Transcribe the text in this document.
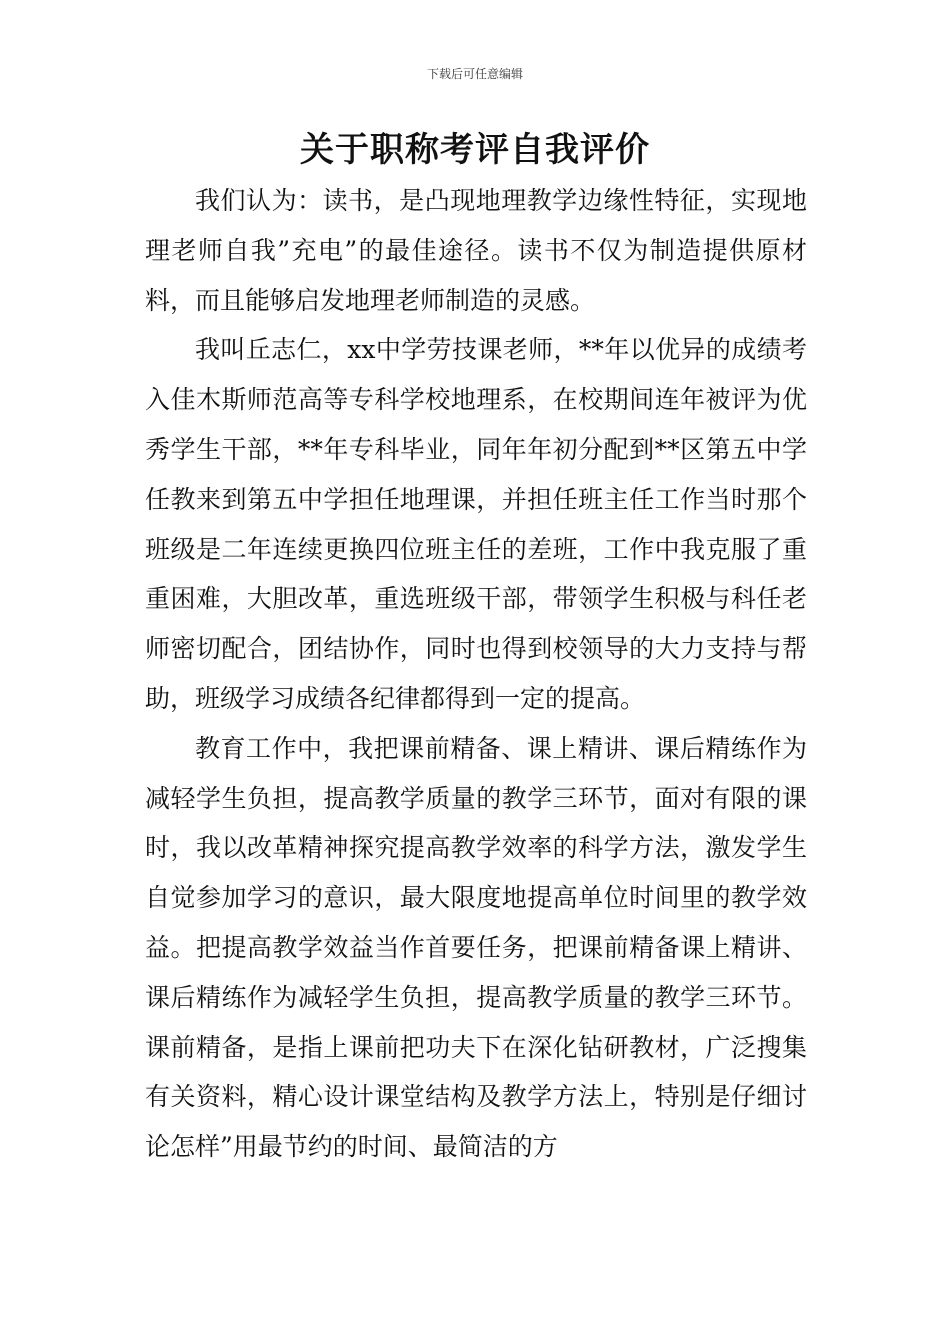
下载后可任意编辑
关于职称考评自我评价

我们认为：读书，是凸现地理教学边缘性特征，实现地理老师自我”充电”的最佳途径。读书不仅为制造提供原材料，而且能够启发地理老师制造的灵感。

我叫丘志仁，xx中学劳技课老师，**年以优异的成绩考入佳木斯师范高等专科学校地理系，在校期间连年被评为优秀学生干部，**年专科毕业，同年年初分配到**区第五中学任教来到第五中学担任地理课，并担任班主任工作当时那个班级是二年连续更换四位班主任的差班，工作中我克服了重重困难，大胆改革，重选班级干部，带领学生积极与科任老师密切配合，团结协作，同时也得到校领导的大力支持与帮助，班级学习成绩各纪律都得到一定的提高。

教育工作中，我把课前精备、课上精讲、课后精练作为减轻学生负担，提高教学质量的教学三环节，面对有限的课时，我以改革精神探究提高教学效率的科学方法，激发学生自觉参加学习的意识，最大限度地提高单位时间里的教学效益。把提高教学效益当作首要任务，把课前精备课上精讲、课后精练作为减轻学生负担，提高教学质量的教学三环节。课前精备，是指上课前把功夫下在深化钻研教材，广泛搜集有关资料，精心设计课堂结构及教学方法上，特别是仔细讨论怎样”用最节约的时间、最简洁的方
